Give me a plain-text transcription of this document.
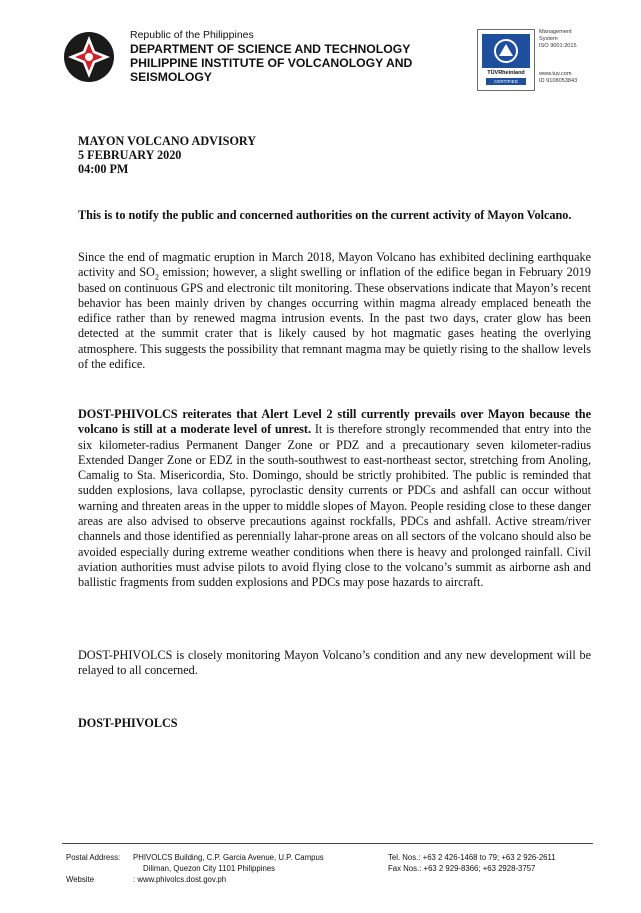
Republic of the Philippines
DEPARTMENT OF SCIENCE AND TECHNOLOGY
PHILIPPINE INSTITUTE OF VOLCANOLOGY AND
SEISMOLOGY	TÜVRheinland
CERTIFIED
Management
System
ISO 9001:2015
www.tuv.com
ID 9108053843
MAYON VOLCANO ADVISORY
5 FEBRUARY 2020
04:00 PM
This is to notify the public and concerned authorities on the current activity of Mayon Volcano.
Since the end of magmatic eruption in March 2018, Mayon Volcano has exhibited declining earthquake activity and $SO_2$ emission; however, a slight swelling or inflation of the edifice began in February 2019 based on continuous GPS and electronic tilt monitoring. These observations indicate that Mayon’s recent behavior has been mainly driven by changes occurring within magma already emplaced beneath the edifice rather than by renewed magma intrusion events. In the past two days, crater glow has been detected at the summit crater that is likely caused by hot magmatic gases heating the overlying atmosphere. This suggests the possibility that remnant magma may be quietly rising to the shallow levels of the edifice.
DOST-PHIVOLCS reiterates that Alert Level 2 still currently prevails over Mayon because the volcano is still at a moderate level of unrest. It is therefore strongly recommended that entry into the six kilometer-radius Permanent Danger Zone or PDZ and a precautionary seven kilometer-radius Extended Danger Zone or EDZ in the south-southwest to east-northeast sector, stretching from Anoling, Camalig to Sta. Misericordia, Sto. Domingo, should be strictly prohibited. The public is reminded that sudden explosions, lava collapse, pyroclastic density currents or PDCs and ashfall can occur without warning and threaten areas in the upper to middle slopes of Mayon. People residing close to these danger areas are also advised to observe precautions against rockfalls, PDCs and ashfall. Active stream/river channels and those identified as perennially lahar-prone areas on all sectors of the volcano should also be avoided especially during extreme weather conditions when there is heavy and prolonged rainfall. Civil aviation authorities must advise pilots to avoid flying close to the volcano’s summit as airborne ash and ballistic fragments from sudden explosions and PDCs may pose hazards to aircraft.
DOST-PHIVOLCS is closely monitoring Mayon Volcano’s condition and any new development will be relayed to all concerned.
DOST-PHIVOLCS
Postal Address:

Website
PHIVOLCS Building, C.P. Garcia Avenue, U.P. Campus
Diliman, Quezon City 1101 Philippines
: www.phivolcs.dost.gov.ph
Tel. Nos.: +63 2 426-1468 to 79; +63 2 926-2611
Fax Nos.: +63 2 929-8366; +63 2928-3757
